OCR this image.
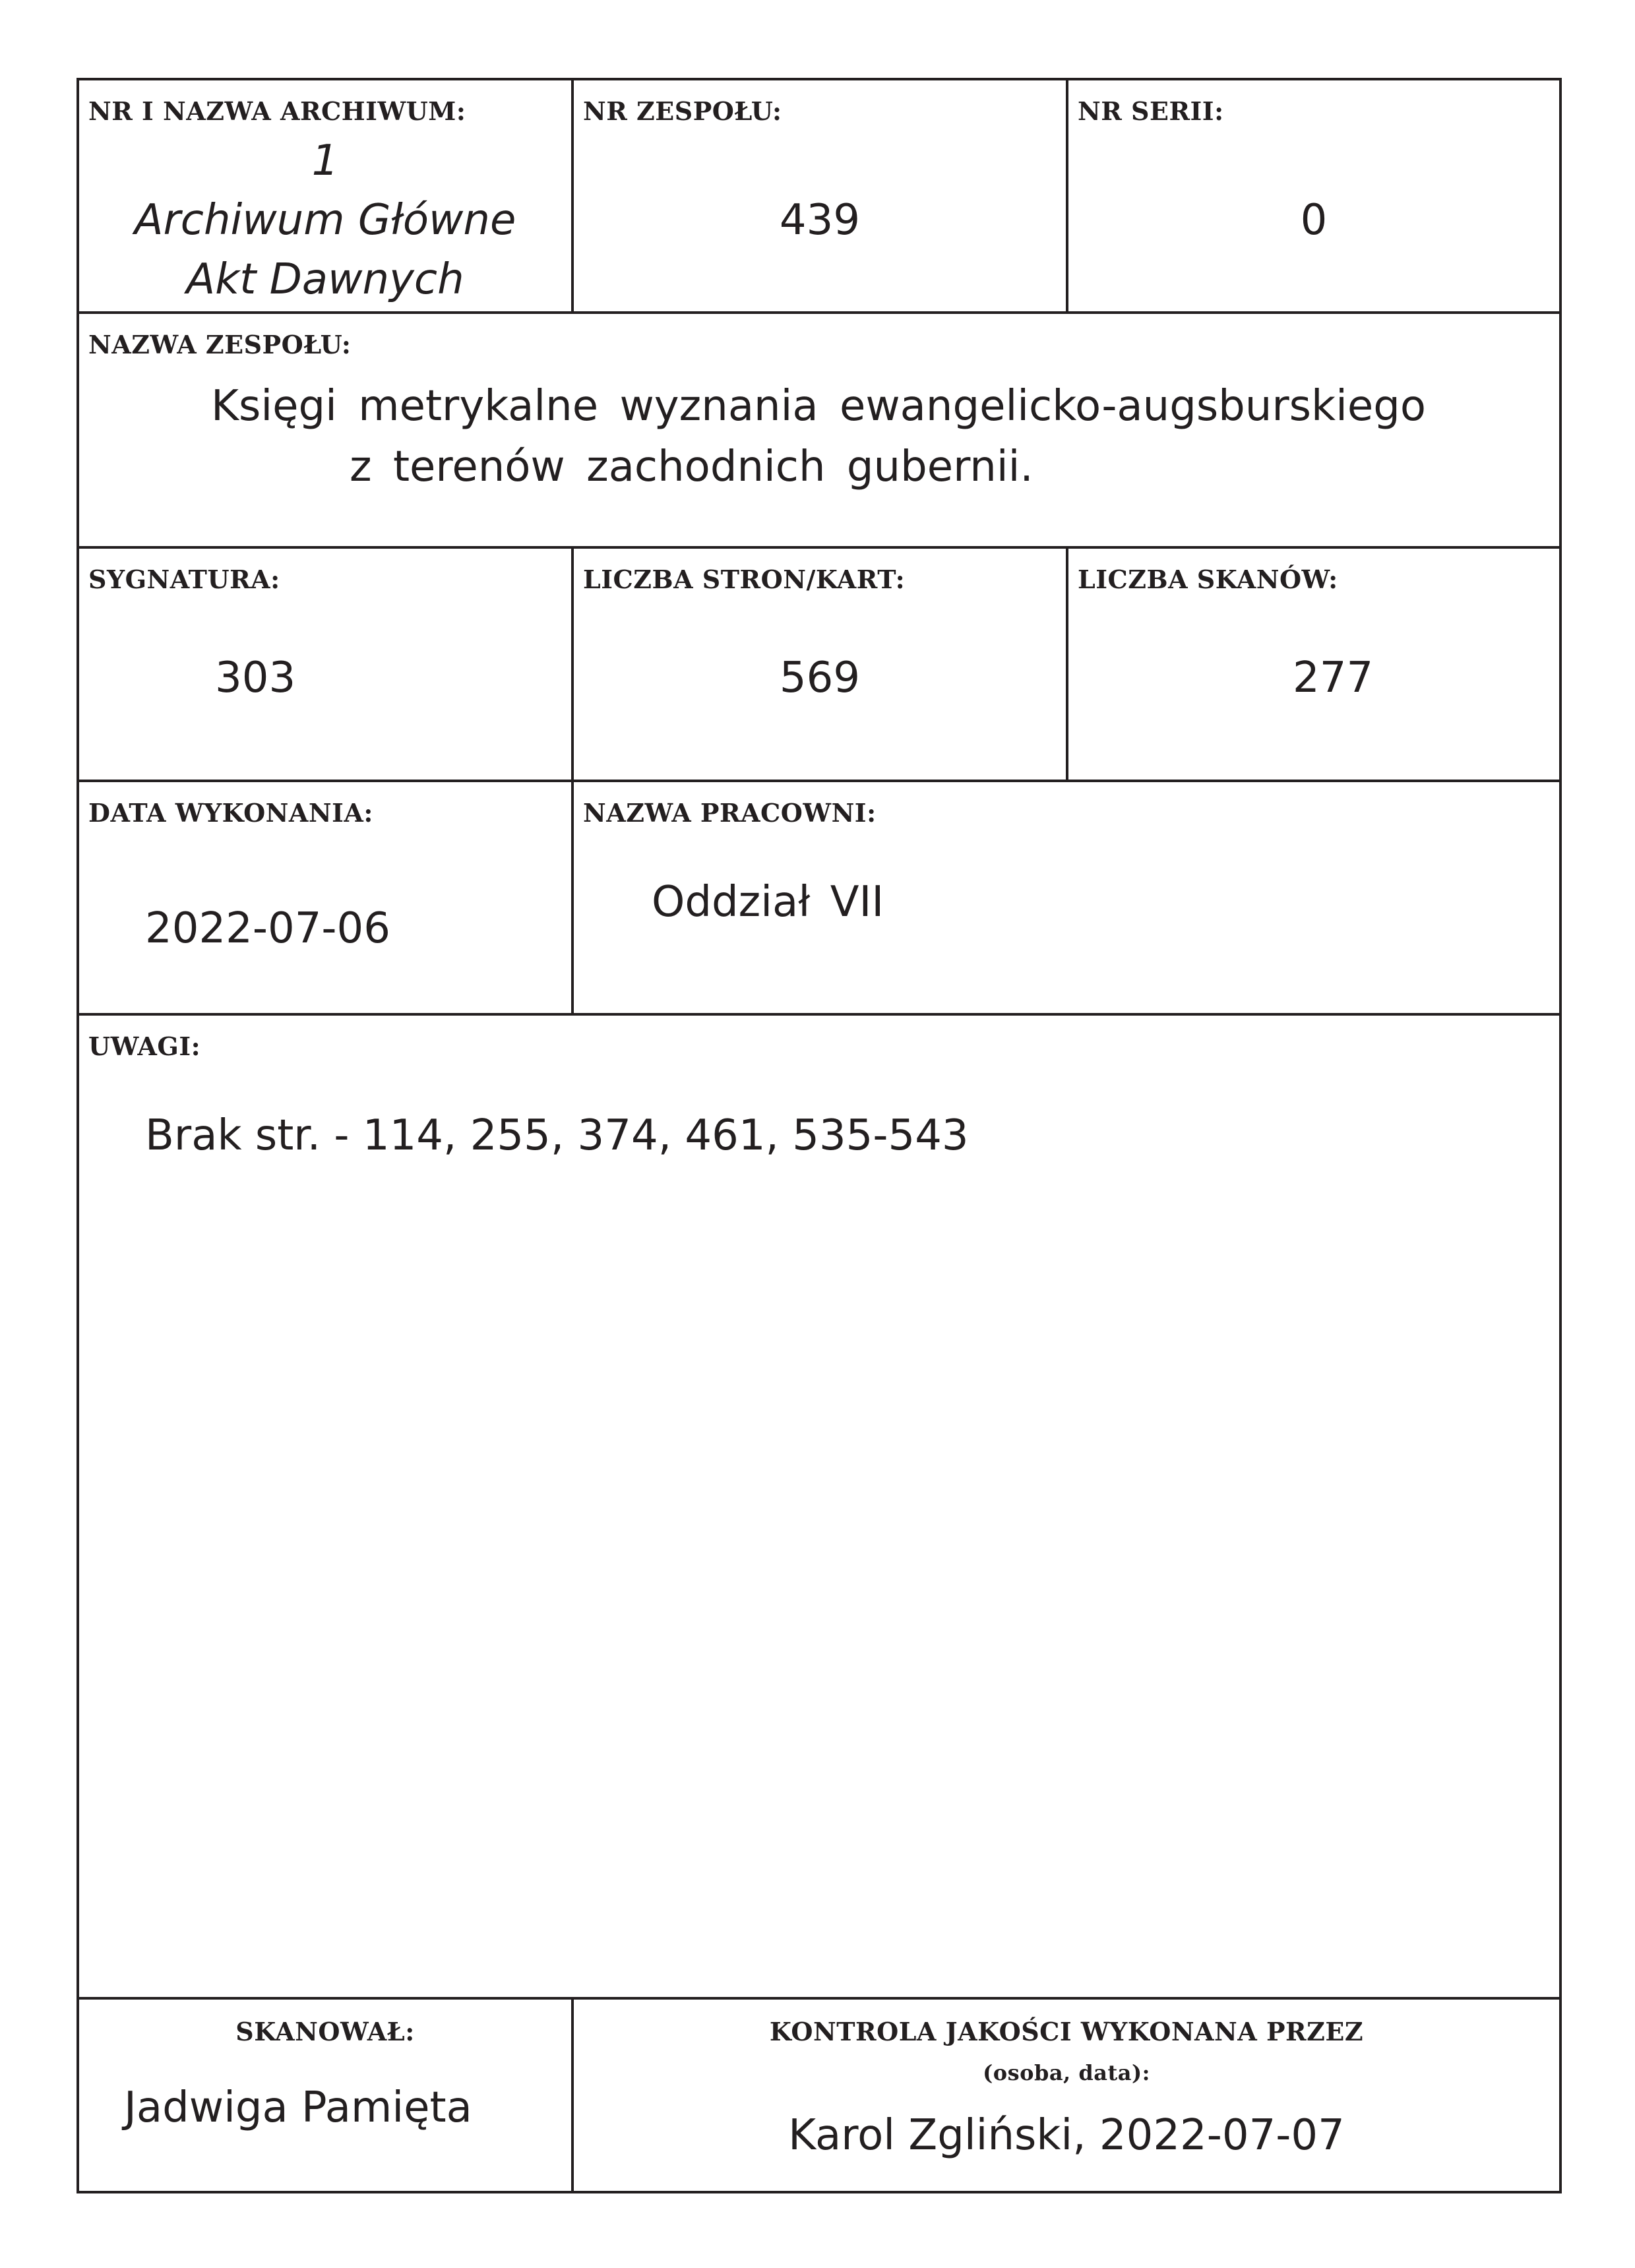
NR I NAZWA ARCHIWUM:
1
Archiwum Główne
Akt Dawnych
NR ZESPOŁU:
439
NR SERII:
0
NAZWA ZESPOŁU:
Księgi metrykalne wyznania ewangelicko-augsburskiego
z terenów zachodnich gubernii.
SYGNATURA:
303
LICZBA STRON/KART:
569
LICZBA SKANÓW:
277
DATA WYKONANIA:
2022-07-06
NAZWA PRACOWNI:
Oddział VII
UWAGI:
Brak str. - 114, 255, 374, 461, 535-543
SKANOWAŁ:
Jadwiga Pamięta
KONTROLA JAKOŚCI WYKONANA PRZEZ
(osoba, data):
Karol Zgliński, 2022-07-07
